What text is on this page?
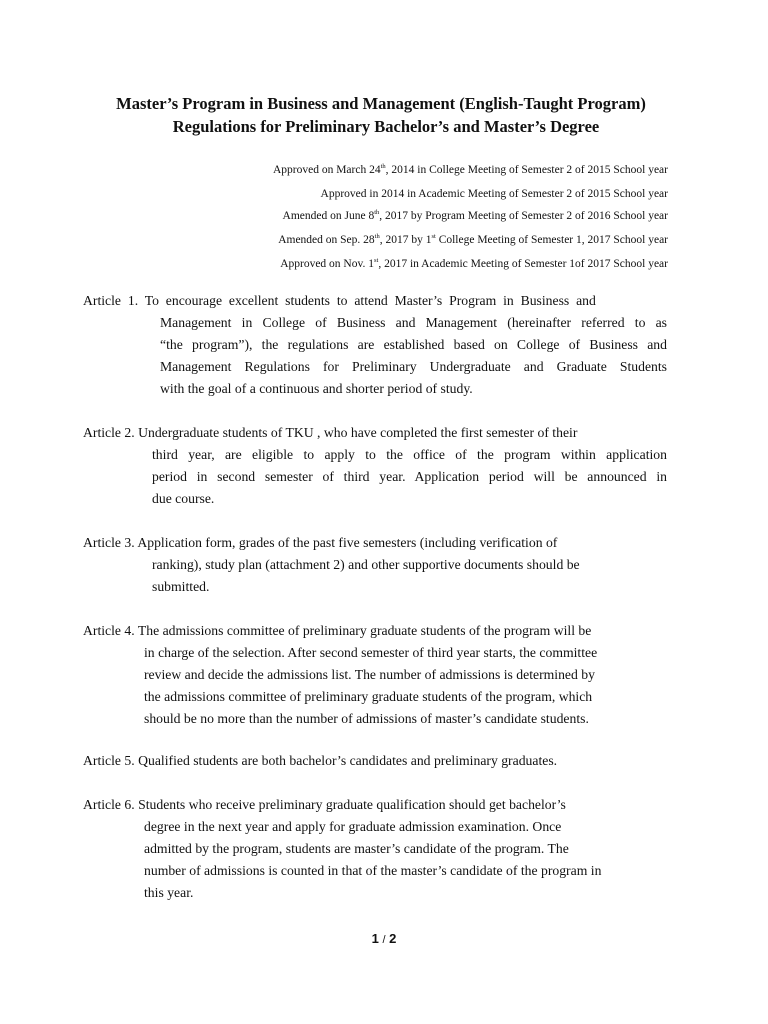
Master’s Program in Business and Management (English-Taught Program)
Regulations for Preliminary Bachelor’s and Master’s Degree
Approved on March 24th, 2014 in College Meeting of Semester 2 of 2015 School year
Approved in 2014 in Academic Meeting of Semester 2 of 2015 School year
Amended on June 8th, 2017 by Program Meeting of Semester 2 of 2016 School year
Amended on Sep. 28th, 2017 by 1st College Meeting of Semester 1, 2017 School year
Approved on Nov. 1st, 2017 in Academic Meeting of Semester 1of 2017 School year
Article  1.  To  encourage  excellent  students  to  attend  Master’s  Program  in  Business  and
Management in College of Business and Management (hereinafter referred to as
“the program”), the regulations are established based on College of Business and
Management Regulations for Preliminary Undergraduate and Graduate Students
with the goal of a continuous and shorter period of study.
Article 2. Undergraduate students of TKU , who have completed the first semester of their
third year, are eligible to apply to the office of the program within application
period in second semester of third year. Application period will be announced in
due course.
Article 3. Application form, grades of the past five semesters (including verification of
ranking), study plan (attachment 2) and other supportive documents should be
submitted.
Article 4. The admissions committee of preliminary graduate students of the program will be
in charge of the selection. After second semester of third year starts, the committee
review and decide the admissions list. The number of admissions is determined by
the admissions committee of preliminary graduate students of the program, which
should be no more than the number of admissions of master’s candidate students.
Article 5. Qualified students are both bachelor’s candidates and preliminary graduates.
Article 6. Students who receive preliminary graduate qualification should get bachelor’s
degree in the next year and apply for graduate admission examination. Once
admitted by the program, students are master’s candidate of the program. The
number of admissions is counted in that of the master’s candidate of the program in
this year.
1 / 2
